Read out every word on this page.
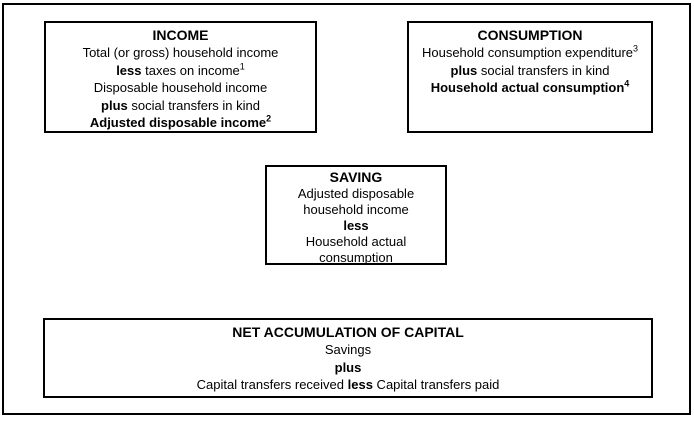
INCOME
Total (or gross) household income
less taxes on income$^1$
Disposable household income
plus social transfers in kind
Adjusted disposable income$^2$
CONSUMPTION
Household consumption expenditure$^3$
plus social transfers in kind
Household actual consumption$^4$
SAVING
Adjusted disposable
household income
less
Household actual
consumption
NET ACCUMULATION OF CAPITAL
Savings
plus
Capital transfers received less Capital transfers paid
